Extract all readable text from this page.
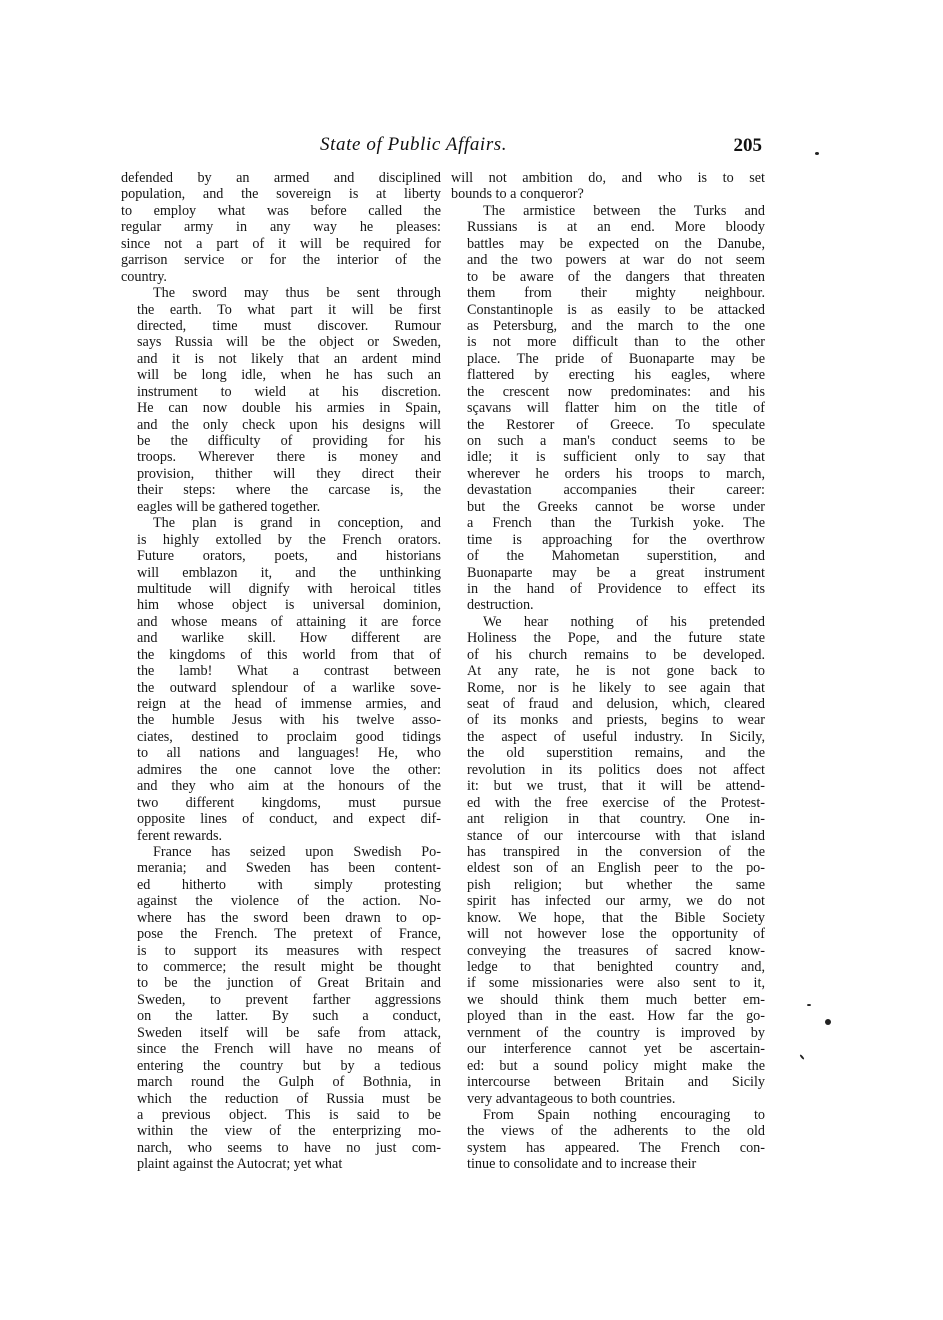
State of Public Affairs.	205
defended by an armed and disciplined
population, and the sovereign is at liberty
to employ what was before called the
regular army in any way he pleases:
since not a part of it will be required for
garrison service or for the interior of the
country.
The sword may thus be sent through
the earth. To what part it will be first
directed, time must discover. Rumour
says Russia will be the object or Sweden,
and it is not likely that an ardent mind
will be long idle, when he has such an
instrument to wield at his discretion.
He can now double his armies in Spain,
and the only check upon his designs will
be the difficulty of providing for his
troops. Wherever there is money and
provision, thither will they direct their
their steps: where the carcase is, the
eagles will be gathered together.
The plan is grand in conception, and
is highly extolled by the French orators.
Future orators, poets, and historians
will emblazon it, and the unthinking
multitude will dignify with heroical titles
him whose object is universal dominion,
and whose means of attaining it are force
and warlike skill. How different are
the kingdoms of this world from that of
the lamb! What a contrast between
the outward splendour of a warlike sove-
reign at the head of immense armies, and
the humble Jesus with his twelve asso-
ciates, destined to proclaim good tidings
to all nations and languages! He, who
admires the one cannot love the other:
and they who aim at the honours of the
two different kingdoms, must pursue
opposite lines of conduct, and expect dif-
ferent rewards.
France has seized upon Swedish Po-
merania; and Sweden has been content-
ed hitherto with simply protesting
against the violence of the action. No-
where has the sword been drawn to op-
pose the French. The pretext of France,
is to support its measures with respect
to commerce; the result might be thought
to be the junction of Great Britain and
Sweden, to prevent farther aggressions
on the latter. By such a conduct,
Sweden itself will be safe from attack,
since the French will have no means of
entering the country but by a tedious
march round the Gulph of Bothnia, in
which the reduction of Russia must be
a previous object. This is said to be
within the view of the enterprizing mo-
narch, who seems to have no just com-
plaint against the Autocrat; yet what
will not ambition do, and who is to set
bounds to a conqueror?
The armistice between the Turks and
Russians is at an end. More bloody
battles may be expected on the Danube,
and the two powers at war do not seem
to be aware of the dangers that threaten
them from their mighty neighbour.
Constantinople is as easily to be attacked
as Petersburg, and the march to the one
is not more difficult than to the other
place. The pride of Buonaparte may be
flattered by erecting his eagles, where
the crescent now predominates: and his
sçavans will flatter him on the title of
the Restorer of Greece. To speculate
on such a man's conduct seems to be
idle; it is sufficient only to say that
wherever he orders his troops to march,
devastation accompanies their career:
but the Greeks cannot be worse under
a French than the Turkish yoke. The
time is approaching for the overthrow
of the Mahometan superstition, and
Buonaparte may be a great instrument
in the hand of Providence to effect its
destruction.
We hear nothing of his pretended
Holiness the Pope, and the future state
of his church remains to be developed.
At any rate, he is not gone back to
Rome, nor is he likely to see again that
seat of fraud and delusion, which, cleared
of its monks and priests, begins to wear
the aspect of useful industry. In Sicily,
the old superstition remains, and the
revolution in its politics does not affect
it: but we trust, that it will be attend-
ed with the free exercise of the Protest-
ant religion in that country. One in-
stance of our intercourse with that island
has transpired in the conversion of the
eldest son of an English peer to the po-
pish religion; but whether the same
spirit has infected our army, we do not
know. We hope, that the Bible Society
will not however lose the opportunity of
conveying the treasures of sacred know-
ledge to that benighted country and,
if some missionaries were also sent to it,
we should think them much better em-
ployed than in the east. How far the go-
vernment of the country is improved by
our interference cannot yet be ascertain-
ed: but a sound policy might make the
intercourse between Britain and Sicily
very advantageous to both countries.
From Spain nothing encouraging to
the views of the adherents to the old
system has appeared. The French con-
tinue to consolidate and to increase their
